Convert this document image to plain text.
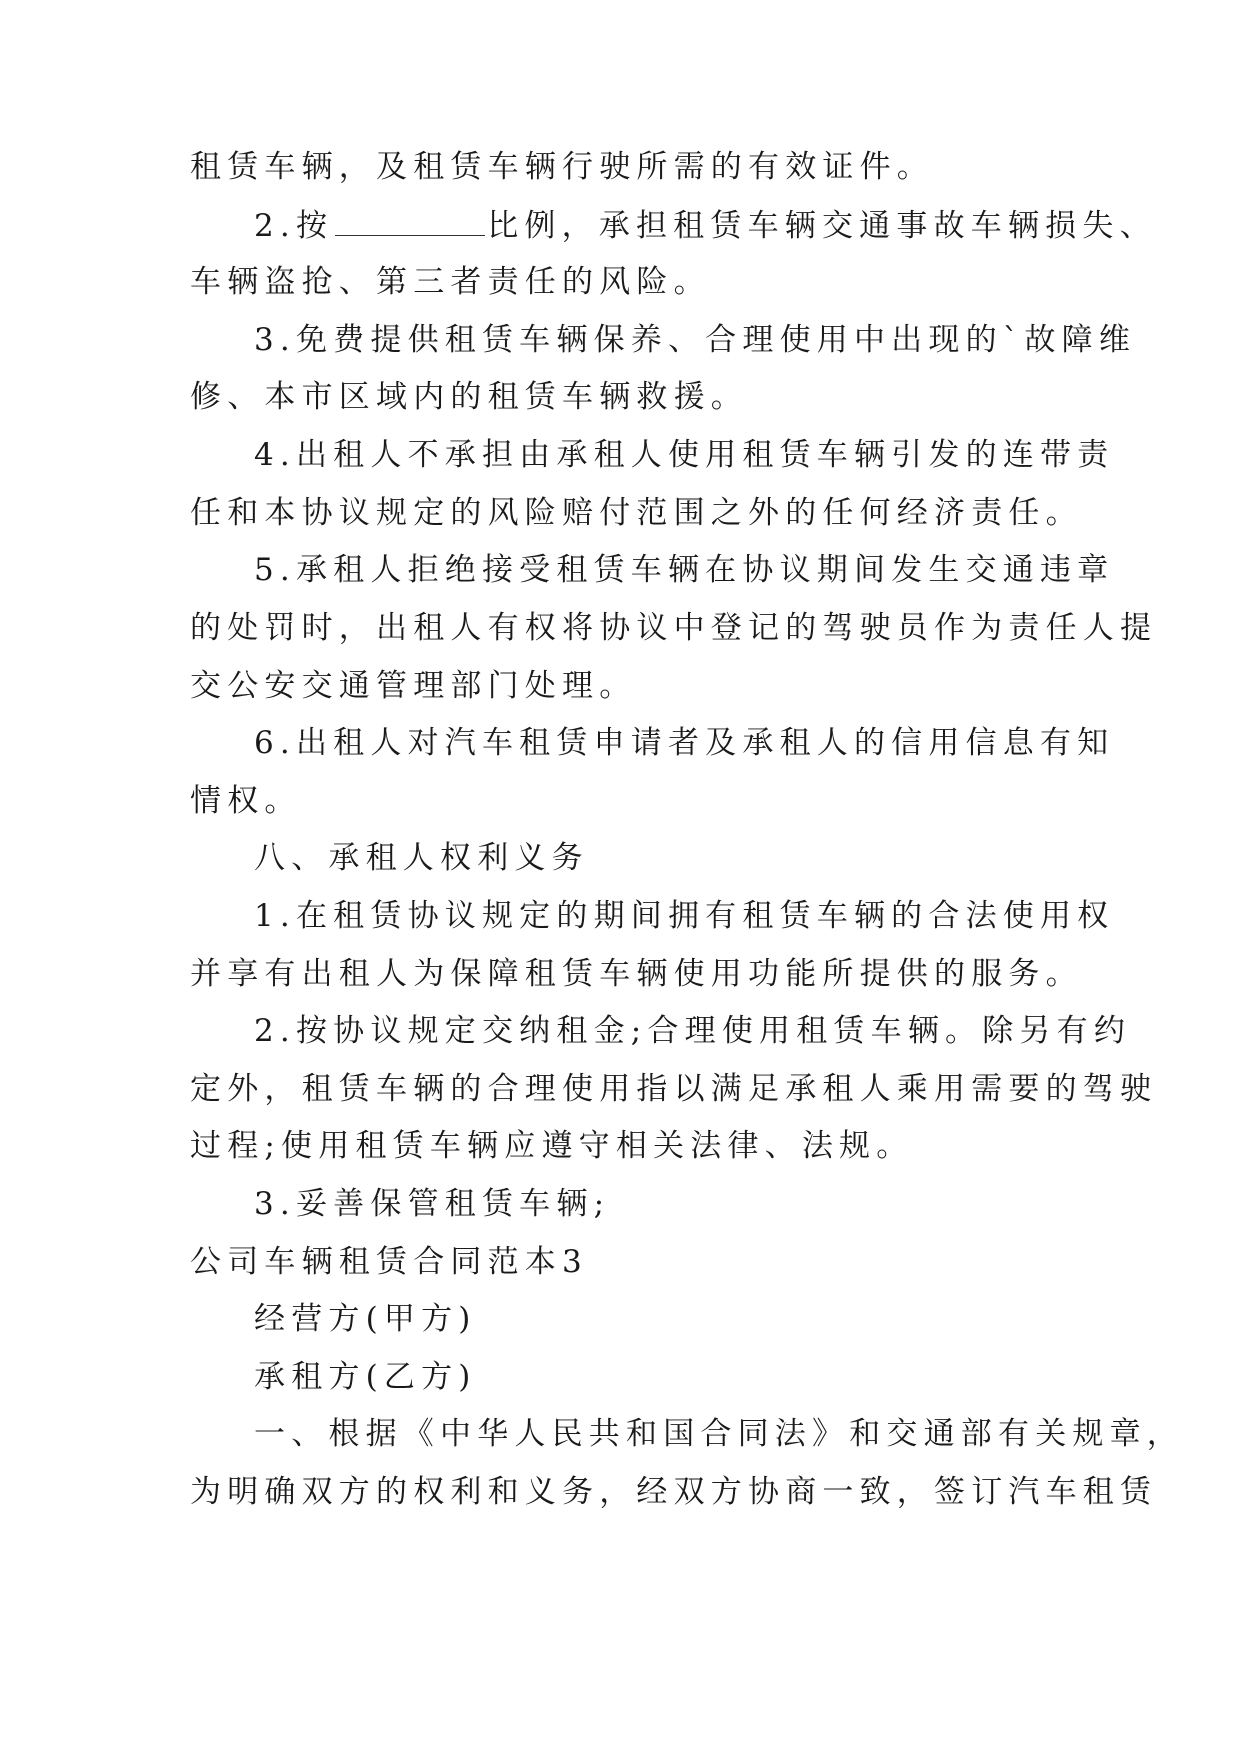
租赁车辆，及租赁车辆行驶所需的有效证件。
2.按	比例，承担租赁车辆交通事故车辆损失、
车辆盗抢、第三者责任的风险。
3.免费提供租赁车辆保养、合理使用中出现的`故障维
修、本市区域内的租赁车辆救援。
4.出租人不承担由承租人使用租赁车辆引发的连带责
任和本协议规定的风险赔付范围之外的任何经济责任。
5.承租人拒绝接受租赁车辆在协议期间发生交通违章
的处罚时，出租人有权将协议中登记的驾驶员作为责任人提
交公安交通管理部门处理。
6.出租人对汽车租赁申请者及承租人的信用信息有知
情权。
八、承租人权利义务
1.在租赁协议规定的期间拥有租赁车辆的合法使用权
并享有出租人为保障租赁车辆使用功能所提供的服务。
2.按协议规定交纳租金;合理使用租赁车辆。除另有约
定外，租赁车辆的合理使用指以满足承租人乘用需要的驾驶
过程;使用租赁车辆应遵守相关法律、法规。
3.妥善保管租赁车辆;
公司车辆租赁合同范本3
经营方(甲方)
承租方(乙方)
一、根据《中华人民共和国合同法》和交通部有关规章，
为明确双方的权利和义务，经双方协商一致，签订汽车租赁
